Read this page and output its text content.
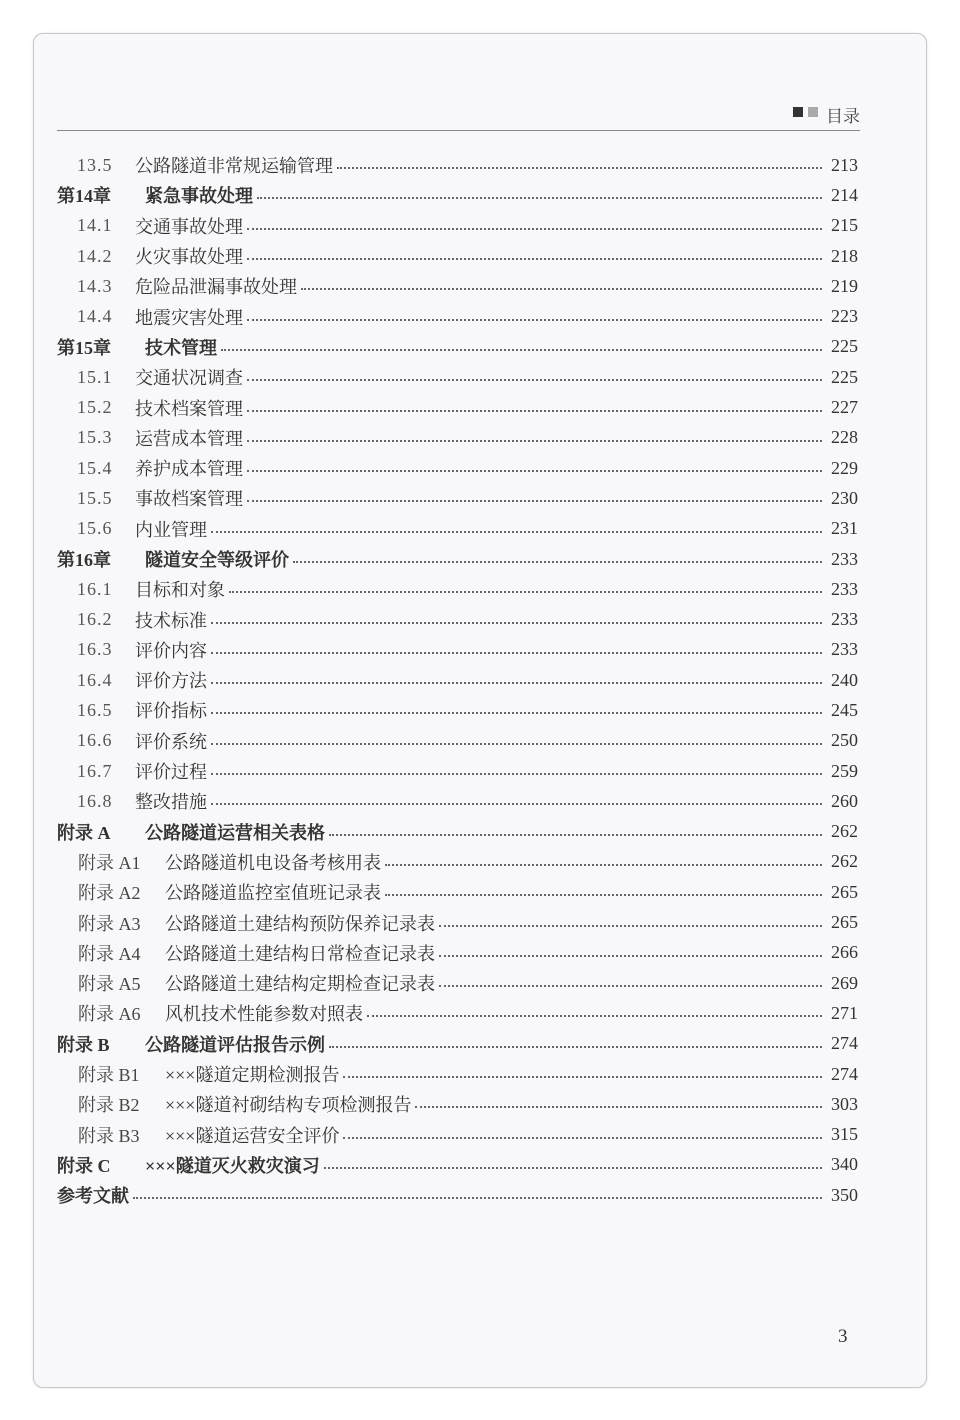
目录
13.5	公路隧道非常规运输管理	213
第14章	紧急事故处理	214
14.1	交通事故处理	215
14.2	火灾事故处理	218
14.3	危险品泄漏事故处理	219
14.4	地震灾害处理	223
第15章	技术管理	225
15.1	交通状况调查	225
15.2	技术档案管理	227
15.3	运营成本管理	228
15.4	养护成本管理	229
15.5	事故档案管理	230
15.6	内业管理	231
第16章	隧道安全等级评价	233
16.1	目标和对象	233
16.2	技术标准	233
16.3	评价内容	233
16.4	评价方法	240
16.5	评价指标	245
16.6	评价系统	250
16.7	评价过程	259
16.8	整改措施	260
附录 A	公路隧道运营相关表格	262
附录 A1	公路隧道机电设备考核用表	262
附录 A2	公路隧道监控室值班记录表	265
附录 A3	公路隧道土建结构预防保养记录表	265
附录 A4	公路隧道土建结构日常检查记录表	266
附录 A5	公路隧道土建结构定期检查记录表	269
附录 A6	风机技术性能参数对照表	271
附录 B	公路隧道评估报告示例	274
附录 B1	×××隧道定期检测报告	274
附录 B2	×××隧道衬砌结构专项检测报告	303
附录 B3	×××隧道运营安全评价	315
附录 C	×××隧道灭火救灾演习	340
参考文献	350
3
